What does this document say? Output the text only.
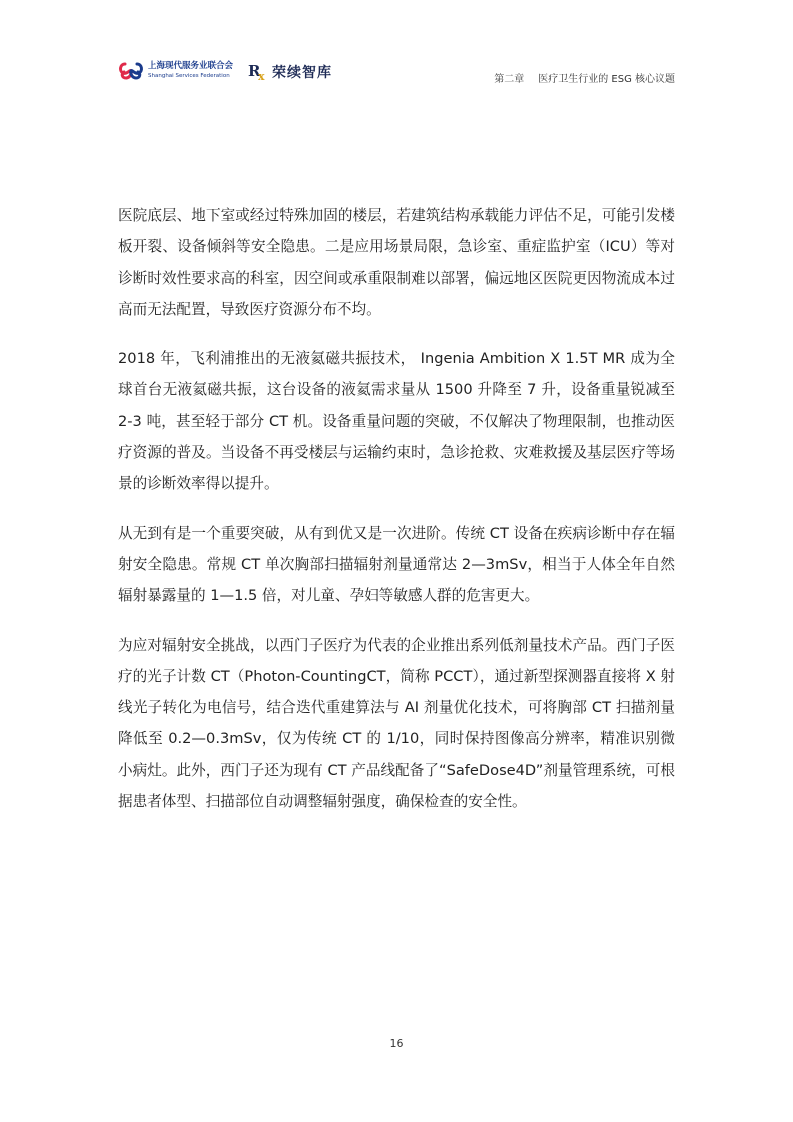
上海现代服务业联合会
Shanghai Services Federation	R
x 荣续智库	第二章 医疗卫生行业的 ESG 核心议题

医院底层、地下室或经过特殊加固的楼层，若建筑结构承载能力评估不足，可能引发楼板开裂、设备倾斜等安全隐患。二是应用场景局限，急诊室、重症监护室（ICU）等对诊断时效性要求高的科室，因空间或承重限制难以部署，偏远地区医院更因物流成本过高而无法配置，导致医疗资源分布不均。

2018 年，飞利浦推出的无液氦磁共振技术， Ingenia Ambition X 1.5T MR 成为全球首台无液氦磁共振，这台设备的液氦需求量从 1500 升降至 7 升，设备重量锐减至 2-3 吨，甚至轻于部分 CT 机。设备重量问题的突破，不仅解决了物理限制，也推动医疗资源的普及。当设备不再受楼层与运输约束时，急诊抢救、灾难救援及基层医疗等场景的诊断效率得以提升。

从无到有是一个重要突破，从有到优又是一次进阶。传统 CT 设备在疾病诊断中存在辐射安全隐患。常规 CT 单次胸部扫描辐射剂量通常达 2—3mSv，相当于人体全年自然辐射暴露量的 1—1.5 倍，对儿童、孕妇等敏感人群的危害更大。

为应对辐射安全挑战，以西门子医疗为代表的企业推出系列低剂量技术产品。西门子医疗的光子计数 CT（Photon-CountingCT，简称 PCCT），通过新型探测器直接将 X 射线光子转化为电信号，结合迭代重建算法与 AI 剂量优化技术，可将胸部 CT 扫描剂量降低至 0.2—0.3mSv，仅为传统 CT 的 1/10，同时保持图像高分辨率，精准识别微小病灶。此外，西门子还为现有 CT 产品线配备了“SafeDose4D”剂量管理系统，可根据患者体型、扫描部位自动调整辐射强度，确保检查的安全性。

16
